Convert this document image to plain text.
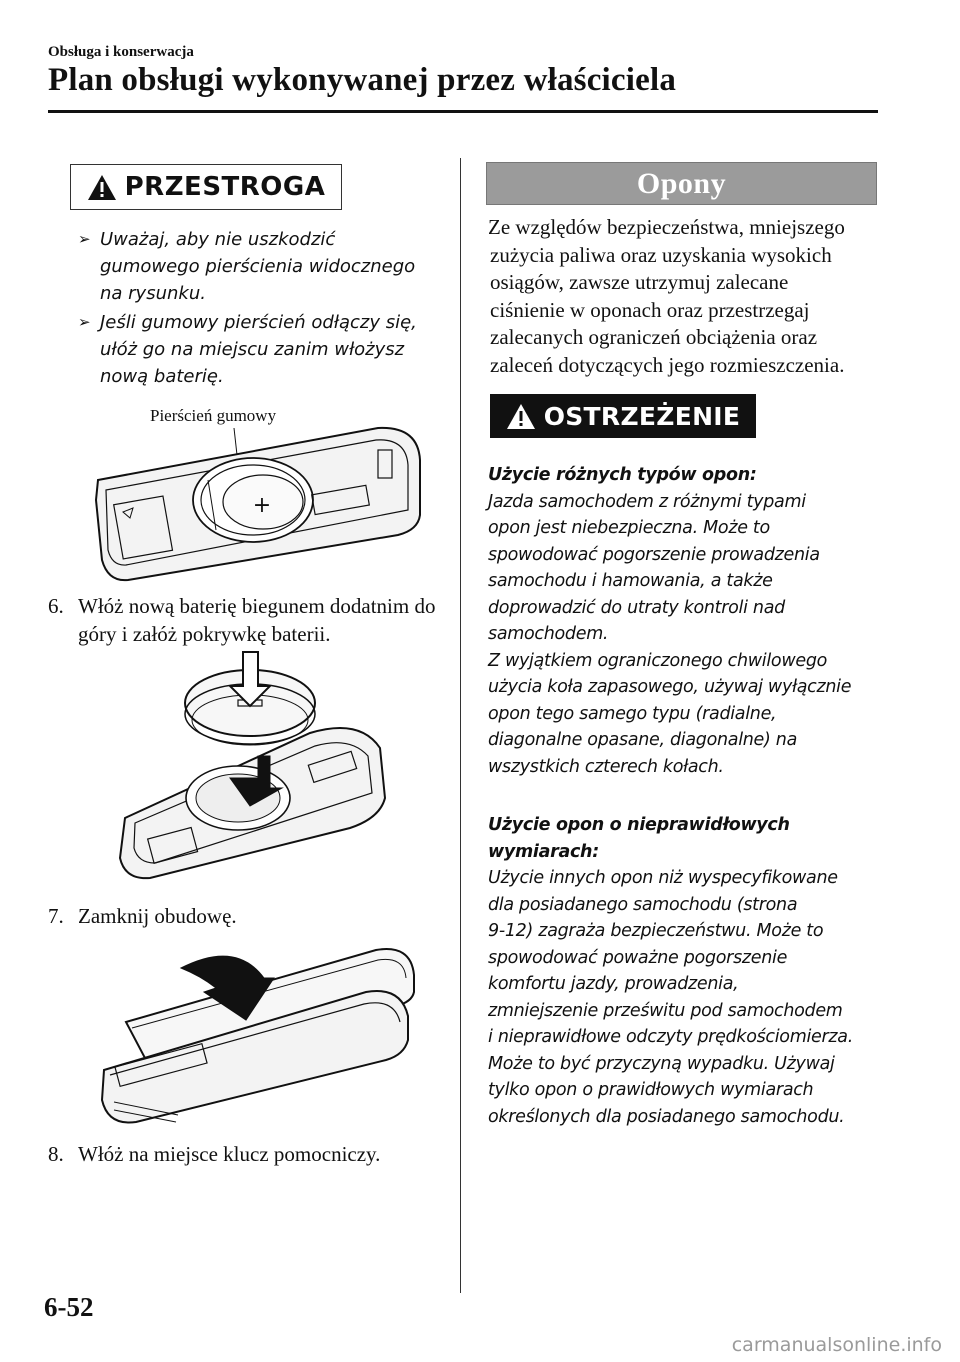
Obsługa i konserwacja
Plan obsługi wykonywanej przez właściciela
PRZESTROGA
➢ Uważaj, aby nie uszkodzić
gumowego pierścienia widocznego
na rysunku.
➢ Jeśli gumowy pierścień odłączy się,
ułóż go na miejscu zanim włożysz
nową baterię.
Pierścień gumowy
+
6. Włóż nową baterię biegunem dodatnim do góry i załóż pokrywkę baterii.
7. Zamknij obudowę.
8. Włóż na miejsce klucz pomocniczy.
Opony
Ze względów bezpieczeństwa, mniejszego
zużycia paliwa oraz uzyskania wysokich
osiągów, zawsze utrzymuj zalecane
ciśnienie w oponach oraz przestrzegaj
zalecanych ograniczeń obciążenia oraz
zaleceń dotyczących jego rozmieszczenia.
OSTRZEŻENIE
Użycie różnych typów opon:
Jazda samochodem z różnymi typami
opon jest niebezpieczna. Może to
spowodować pogorszenie prowadzenia
samochodu i hamowania, a także
doprowadzić do utraty kontroli nad
samochodem.
Z wyjątkiem ograniczonego chwilowego
użycia koła zapasowego, używaj wyłącznie
opon tego samego typu (radialne,
diagonalne opasane, diagonalne) na
wszystkich czterech kołach.
Użycie opon o nieprawidłowych
wymiarach:
Użycie innych opon niż wyspecyfikowane
dla posiadanego samochodu (strona
9-12) zagraża bezpieczeństwu. Może to
spowodować poważne pogorszenie
komfortu jazdy, prowadzenia,
zmniejszenie prześwitu pod samochodem
i nieprawidłowe odczyty prędkościomierza.
Może to być przyczyną wypadku. Używaj
tylko opon o prawidłowych wymiarach
określonych dla posiadanego samochodu.
6-52
carmanualsonline.info
